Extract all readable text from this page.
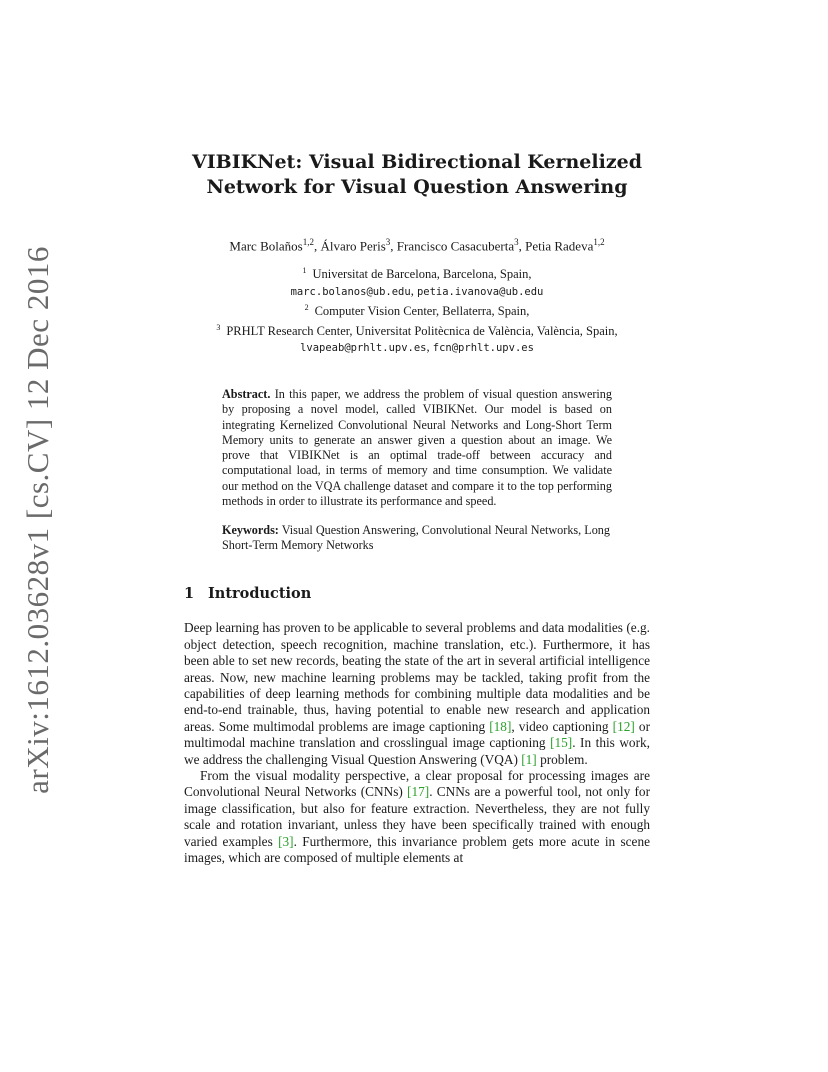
arXiv:1612.03628v1 [cs.CV] 12 Dec 2016
VIBIKNet: Visual Bidirectional Kernelized
Network for Visual Question Answering
Marc Bolaños$^{1,2}$, Álvaro Peris$^3$, Francisco Casacuberta$^3$, Petia Radeva$^{1,2}$
$^1$ Universitat de Barcelona, Barcelona, Spain,
marc.bolanos@ub.edu, petia.ivanova@ub.edu
$^2$ Computer Vision Center, Bellaterra, Spain,
$^3$ PRHLT Research Center, Universitat Politècnica de València, València, Spain,
lvapeab@prhlt.upv.es, fcn@prhlt.upv.es
Abstract. In this paper, we address the problem of visual question answering by proposing a novel model, called VIBIKNet. Our model is based on integrating Kernelized Convolutional Neural Networks and Long-Short Term Memory units to generate an answer given a question about an image. We prove that VIBIKNet is an optimal trade-off between accuracy and computational load, in terms of memory and time consumption. We validate our method on the VQA challenge dataset and compare it to the top performing methods in order to illustrate its performance and speed.
Keywords: Visual Question Answering, Convolutional Neural Networks, Long Short-Term Memory Networks
1 Introduction

Deep learning has proven to be applicable to several problems and data modalities (e.g. object detection, speech recognition, machine translation, etc.). Furthermore, it has been able to set new records, beating the state of the art in several artificial intelligence areas. Now, new machine learning problems may be tackled, taking profit from the capabilities of deep learning methods for combining multiple data modalities and be end-to-end trainable, thus, having potential to enable new research and application areas. Some multimodal problems are image captioning [18], video captioning [12] or multimodal machine translation and crosslingual image captioning [15]. In this work, we address the challenging Visual Question Answering (VQA) [1] problem.

From the visual modality perspective, a clear proposal for processing images are Convolutional Neural Networks (CNNs) [17]. CNNs are a powerful tool, not only for image classification, but also for feature extraction. Nevertheless, they are not fully scale and rotation invariant, unless they have been specifically trained with enough varied examples [3]. Furthermore, this invariance problem gets more acute in scene images, which are composed of multiple elements at
